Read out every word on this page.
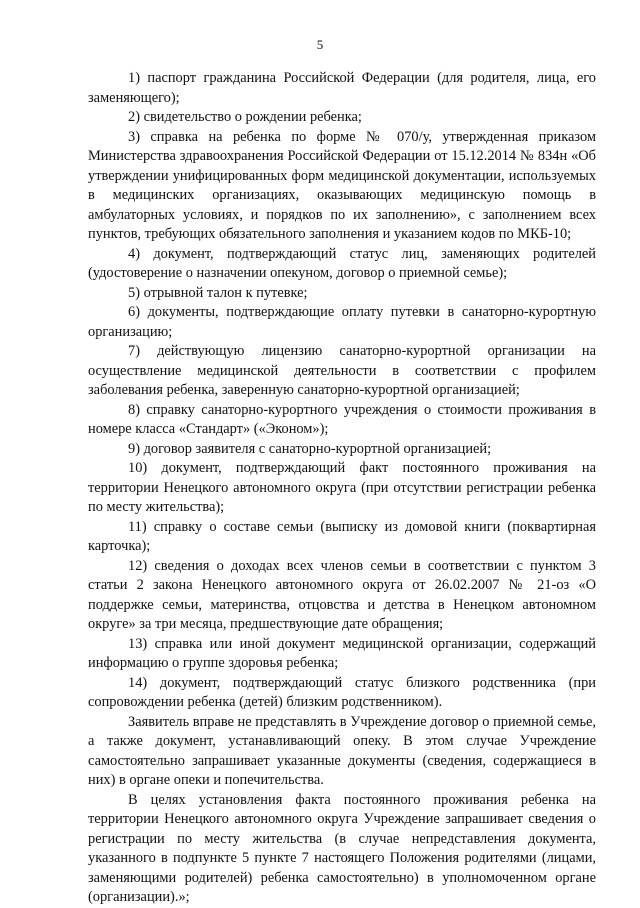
5

1) паспорт гражданина Российской Федерации (для родителя, лица, его заменяющего);

2) свидетельство о рождении ребенка;

3) справка на ребенка по форме № 070/у, утвержденная приказом Министерства здравоохранения Российской Федерации от 15.12.2014 № 834н «Об утверждении унифицированных форм медицинской документации, используемых в медицинских организациях, оказывающих медицинскую помощь в амбулаторных условиях, и порядков по их заполнению», с заполнением всех пунктов, требующих обязательного заполнения и указанием кодов по МКБ-10;

4) документ, подтверждающий статус лиц, заменяющих родителей (удостоверение о назначении опекуном, договор о приемной семье);

5) отрывной талон к путевке;

6) документы, подтверждающие оплату путевки в санаторно-курортную организацию;

7) действующую лицензию санаторно-курортной организации на осуществление медицинской деятельности в соответствии с профилем заболевания ребенка, заверенную санаторно-курортной организацией;

8) справку санаторно-курортного учреждения о стоимости проживания в номере класса «Стандарт» («Эконом»);

9) договор заявителя с санаторно-курортной организацией;

10) документ, подтверждающий факт постоянного проживания на территории Ненецкого автономного округа (при отсутствии регистрации ребенка по месту жительства);

11) справку о составе семьи (выписку из домовой книги (поквартирная карточка);

12) сведения о доходах всех членов семьи в соответствии с пунктом 3 статьи 2 закона Ненецкого автономного округа от 26.02.2007 № 21-оз «О поддержке семьи, материнства, отцовства и детства в Ненецком автономном округе» за три месяца, предшествующие дате обращения;

13) справка или иной документ медицинской организации, содержащий информацию о группе здоровья ребенка;

14) документ, подтверждающий статус близкого родственника (при сопровождении ребенка (детей) близким родственником).

Заявитель вправе не представлять в Учреждение договор о приемной семье, а также документ, устанавливающий опеку. В этом случае Учреждение самостоятельно запрашивает указанные документы (сведения, содержащиеся в них) в органе опеки и попечительства.

В целях установления факта постоянного проживания ребенка на территории Ненецкого автономного округа Учреждение запрашивает сведения о регистрации по месту жительства (в случае непредставления документа, указанного в подпункте 5 пункте 7 настоящего Положения родителями (лицами, заменяющими родителей) ребенка самостоятельно) в уполномоченном органе (организации).»;
